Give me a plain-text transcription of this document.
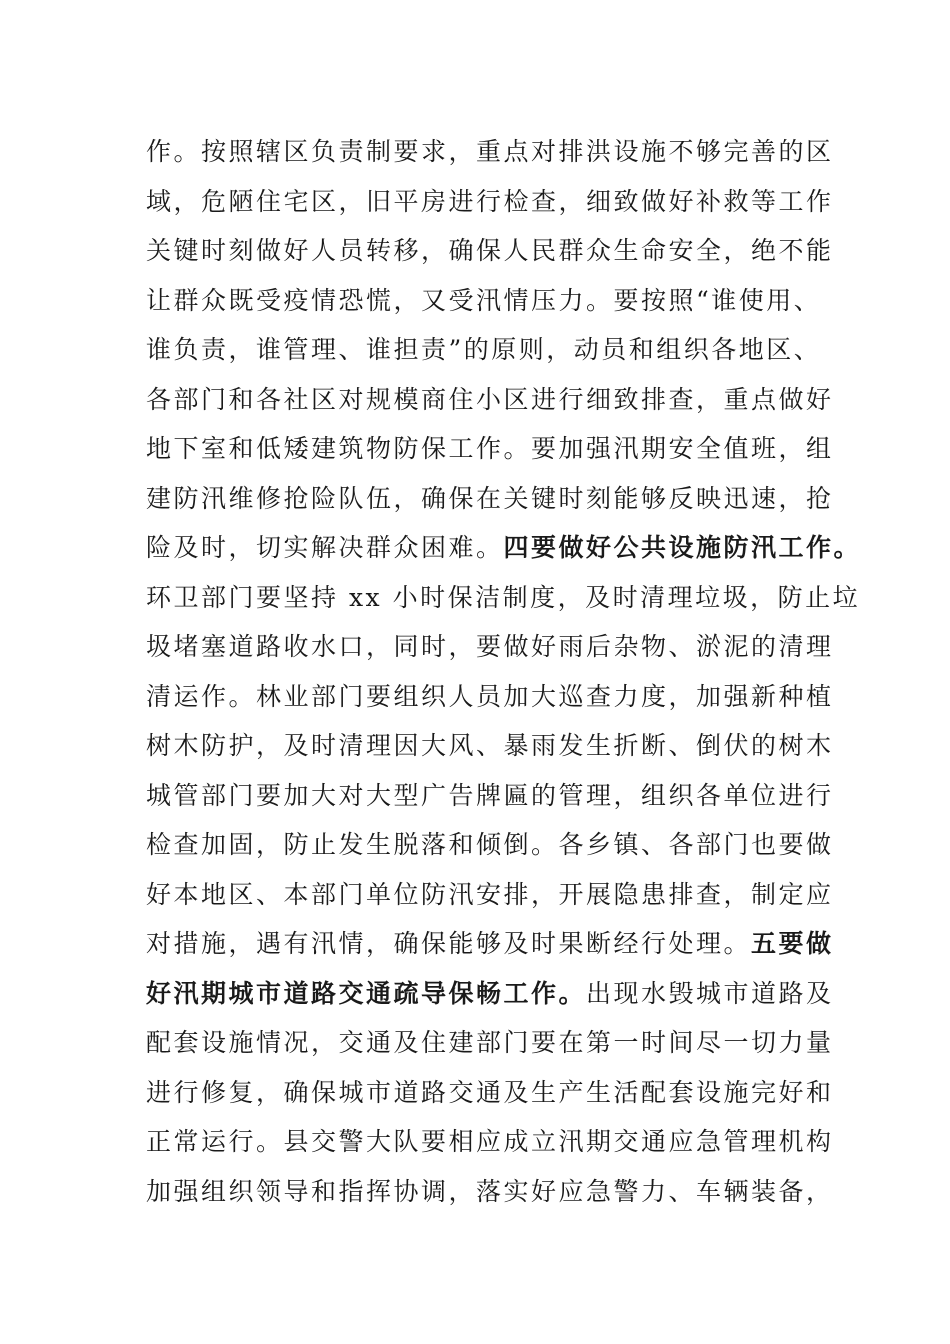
作。按照辖区负责制要求，重点对排洪设施不够完善的区
域，危陋住宅区，旧平房进行检查，细致做好补救等工作
关键时刻做好人员转移，确保人民群众生命安全，绝不能
让群众既受疫情恐慌，又受汛情压力。要按照“谁使用、
谁负责，谁管理、谁担责”的原则，动员和组织各地区、
各部门和各社区对规模商住小区进行细致排查，重点做好
地下室和低矮建筑物防保工作。要加强汛期安全值班，组
建防汛维修抢险队伍，确保在关键时刻能够反映迅速，抢
险及时，切实解决群众困难。四要做好公共设施防汛工作。
环卫部门要坚持 xx 小时保洁制度，及时清理垃圾，防止垃
圾堵塞道路收水口，同时，要做好雨后杂物、淤泥的清理
清运作。林业部门要组织人员加大巡查力度，加强新种植
树木防护，及时清理因大风、暴雨发生折断、倒伏的树木
城管部门要加大对大型广告牌匾的管理，组织各单位进行
检查加固，防止发生脱落和倾倒。各乡镇、各部门也要做
好本地区、本部门单位防汛安排，开展隐患排查，制定应
对措施，遇有汛情，确保能够及时果断经行处理。五要做
好汛期城市道路交通疏导保畅工作。出现水毁城市道路及
配套设施情况，交通及住建部门要在第一时间尽一切力量
进行修复，确保城市道路交通及生产生活配套设施完好和
正常运行。县交警大队要相应成立汛期交通应急管理机构
加强组织领导和指挥协调，落实好应急警力、车辆装备，
